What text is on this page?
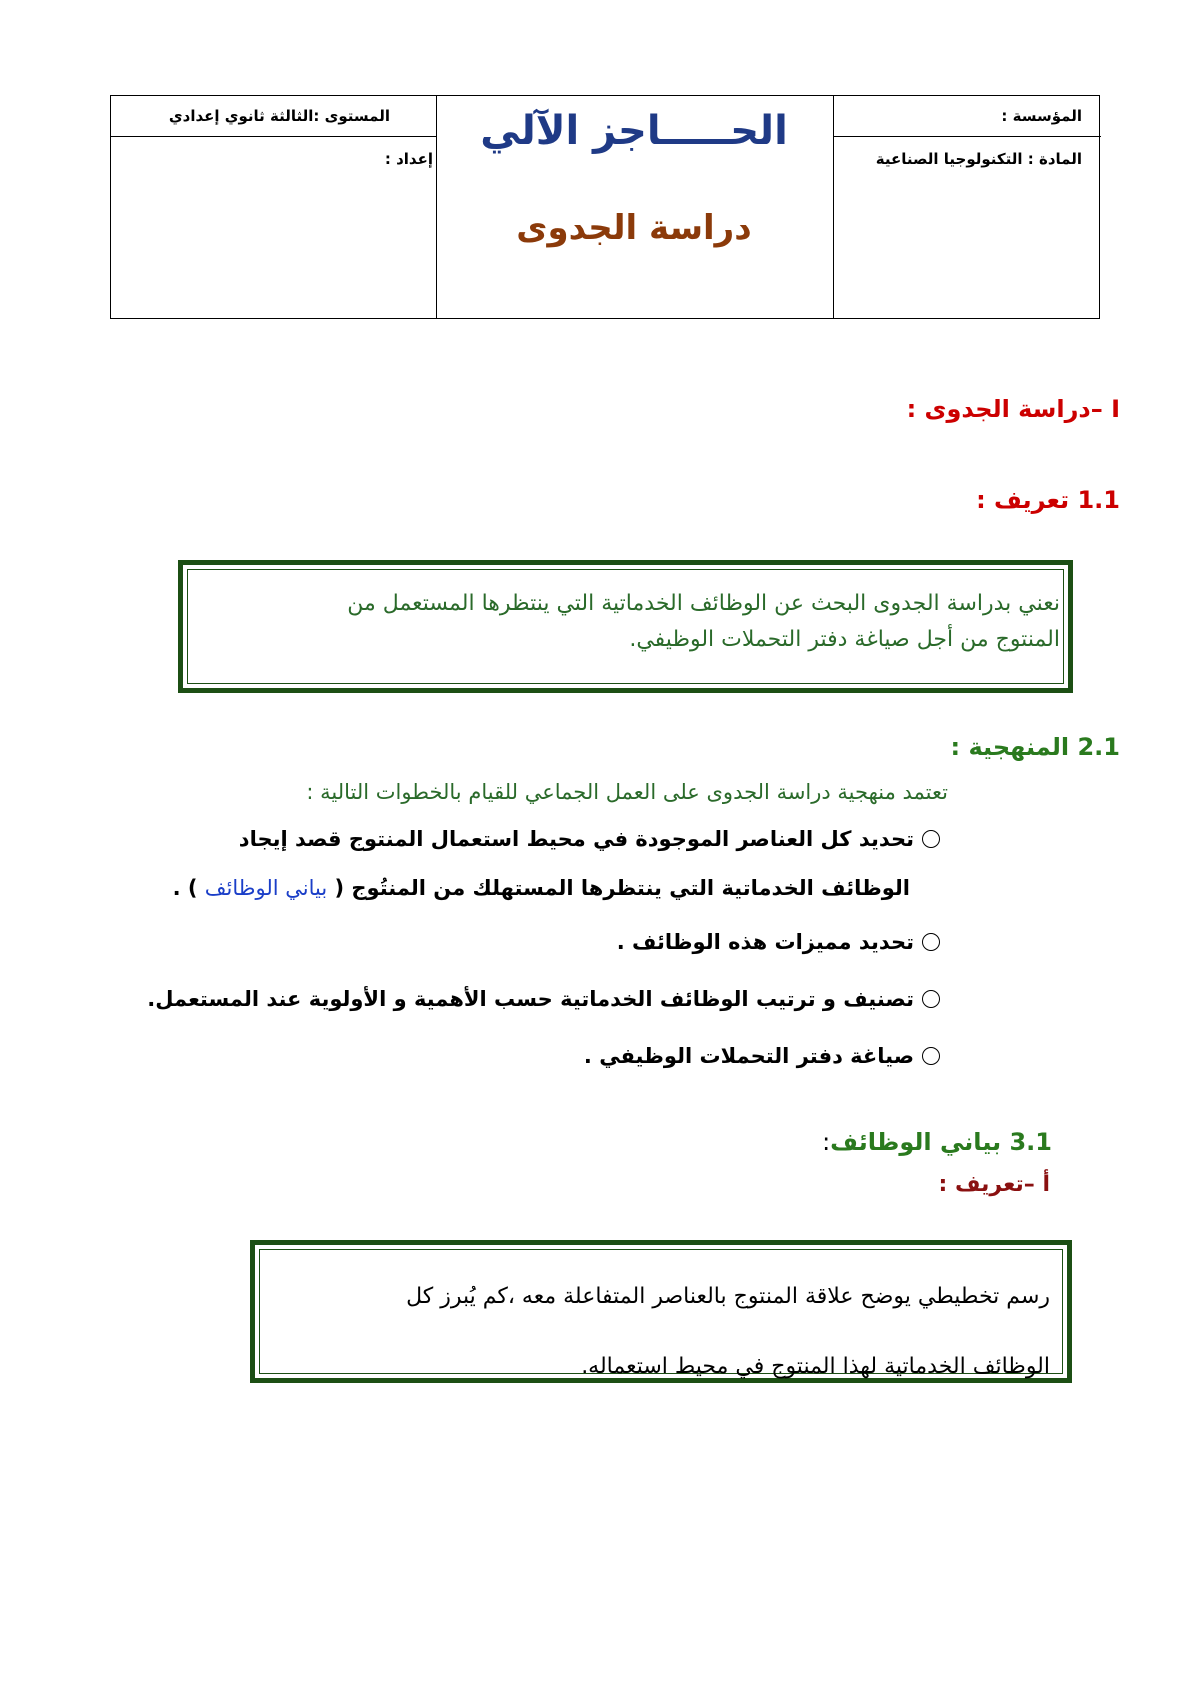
المؤسسة :
المادة : التكنولوجيا الصناعية
المستوى :الثالثة ثانوي إعدادي
إعداد :
الحـــــاجز الآلي
دراسة الجدوى
I –دراسة الجدوى :
1.1 تعريف :
نعني بدراسة الجدوى البحث عن الوظائف الخدماتية التي ينتظرها المستعمل من
المنتوج من أجل صياغة دفتر التحملات الوظيفي.
2.1 المنهجية :
تعتمد منهجية دراسة الجدوى على العمل الجماعي للقيام بالخطوات التالية :
تحديد كل العناصر الموجودة في محيط استعمال المنتوج قصد إيجاد
الوظائف الخدماتية التي ينتظرها المستهلك من المنتُوج ( بياني الوظائف ) .
تحديد مميزات هذه الوظائف .
تصنيف و ترتيب الوظائف الخدماتية حسب الأهمية و الأولوية عند المستعمل.
صياغة دفتر التحملات الوظيفي .
3.1 بياني الوظائف:
أ –تعريف :
رسم تخطيطي يوضح علاقة المنتوج بالعناصر المتفاعلة معه ،كم يُبرز كل
الوظائف الخدماتية لهذا المنتوج في محيط استعماله.
